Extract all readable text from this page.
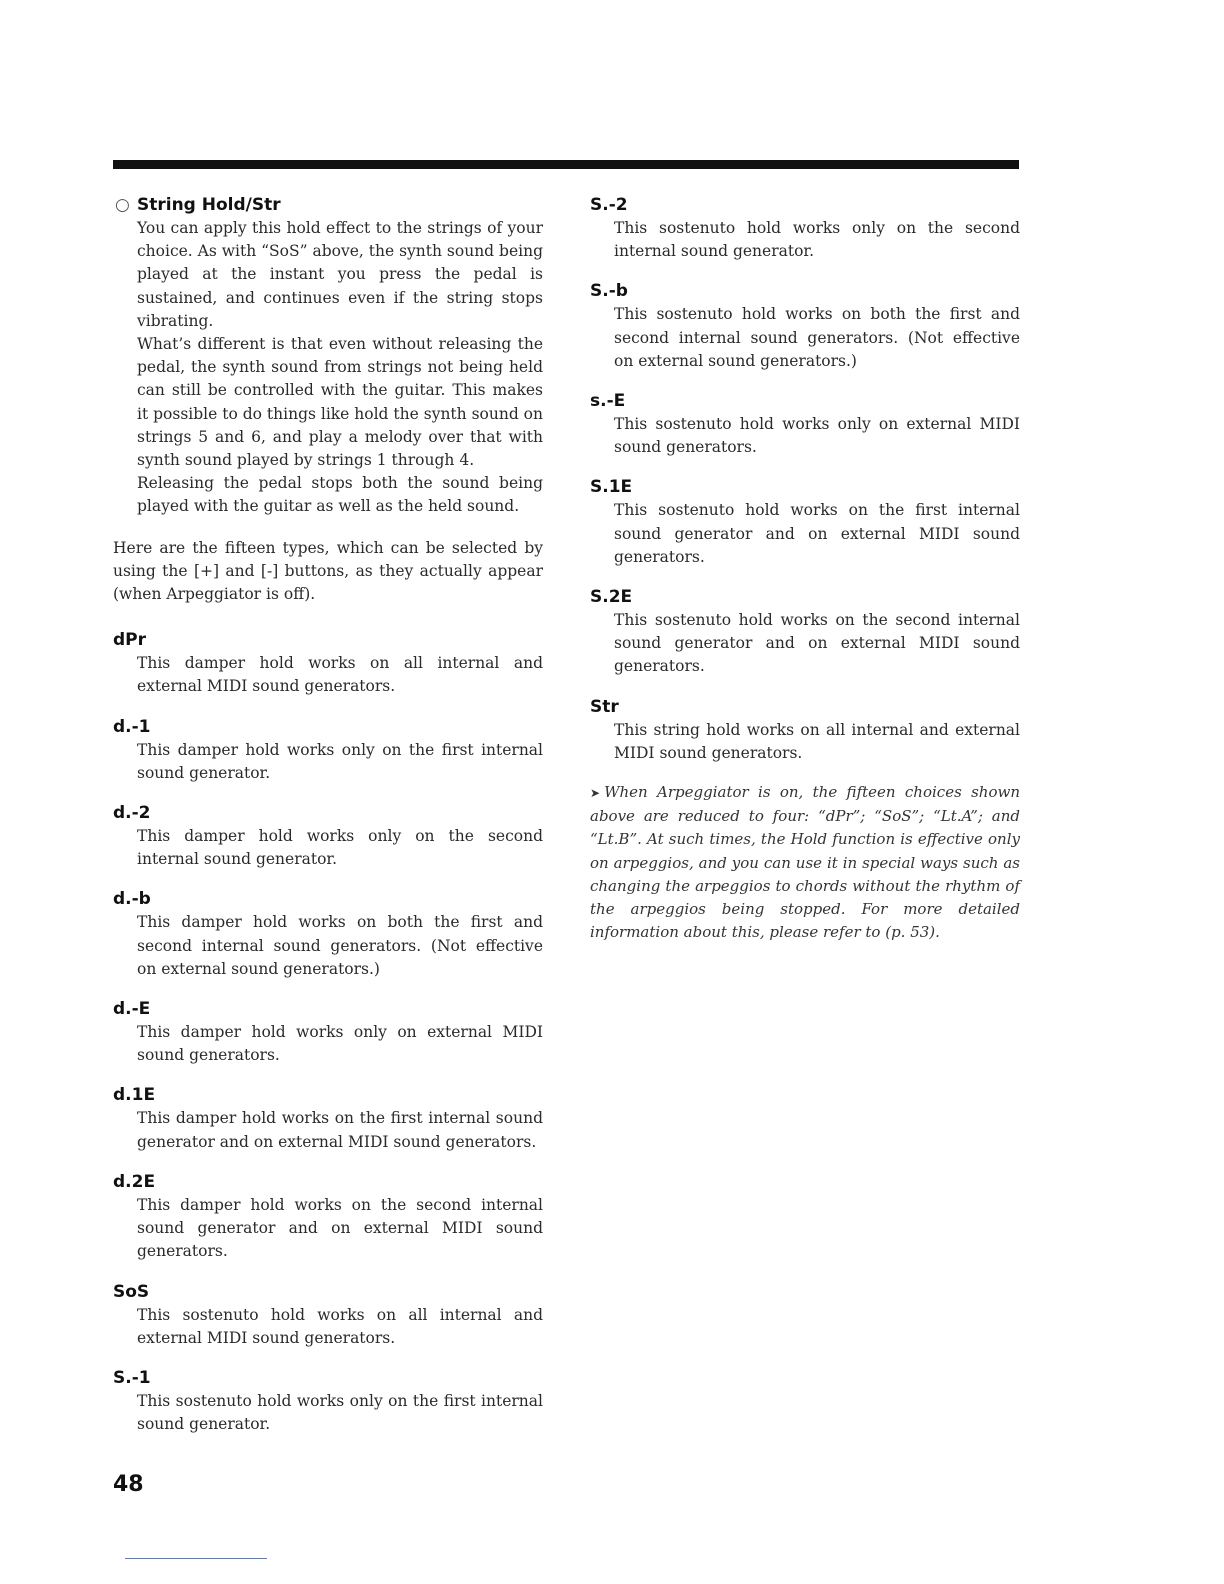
○ String Hold/Str

You can apply this hold effect to the strings of your choice. As with “SoS” above, the synth sound being played at the instant you press the pedal is sustained, and continues even if the string stops vibrating.

What’s different is that even without releasing the pedal, the synth sound from strings not being held can still be controlled with the guitar. This makes it possible to do things like hold the synth sound on strings 5 and 6, and play a melody over that with synth sound played by strings 1 through 4.

Releasing the pedal stops both the sound being played with the guitar as well as the held sound.

Here are the fifteen types, which can be selected by using the [+] and [-] buttons, as they actually appear (when Arpeggiator is off).

dPr

This damper hold works on all internal and external MIDI sound generators.

d.-1

This damper hold works only on the first internal sound generator.

d.-2

This damper hold works only on the second internal sound generator.

d.-b

This damper hold works on both the first and second internal sound generators. (Not effective on external sound generators.)

d.-E

This damper hold works only on external MIDI sound generators.

d.1E

This damper hold works on the first internal sound generator and on external MIDI sound generators.

d.2E

This damper hold works on the second internal sound generator and on external MIDI sound generators.

SoS

This sostenuto hold works on all internal and external MIDI sound generators.

S.-1

This sostenuto hold works only on the first internal sound generator.

S.-2

This sostenuto hold works only on the second internal sound generator.

S.-b

This sostenuto hold works on both the first and second internal sound generators. (Not effective on external sound generators.)

s.-E

This sostenuto hold works only on external MIDI sound generators.

S.1E

This sostenuto hold works on the first internal sound generator and on external MIDI sound generators.

S.2E

This sostenuto hold works on the second internal sound generator and on external MIDI sound generators.

Str

This string hold works on all internal and external MIDI sound generators.

➤ When Arpeggiator is on, the fifteen choices shown above are reduced to four: “dPr”; “SoS”; “Lt.A”; and “Lt.B”. At such times, the Hold function is effective only on arpeggios, and you can use it in special ways such as changing the arpeggios to chords without the rhythm of the arpeggios being stopped. For more detailed information about this, please refer to (p. 53).

48
